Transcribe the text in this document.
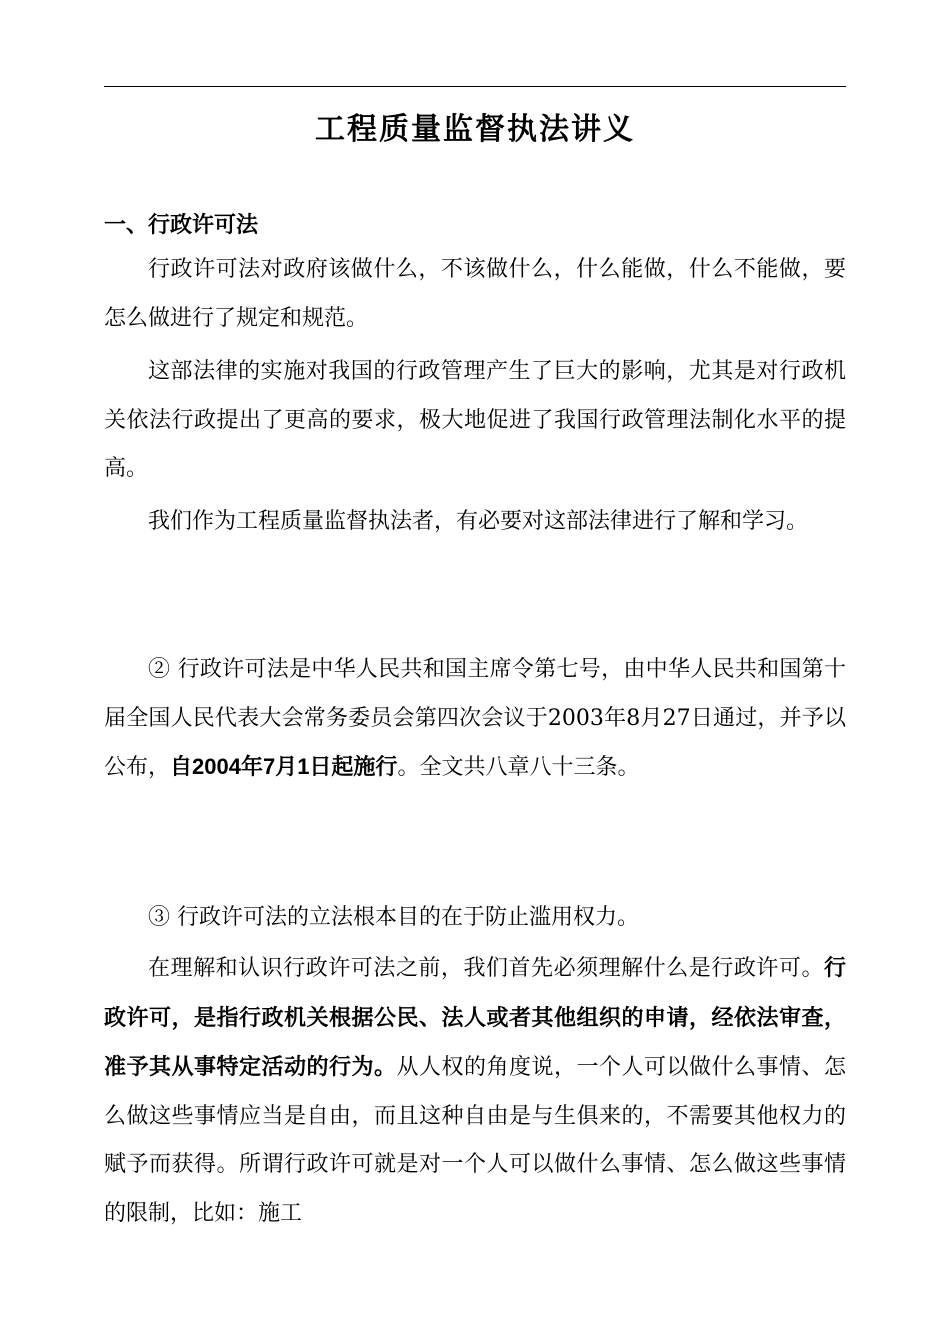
工程质量监督执法讲义
一、行政许可法

行政许可法对政府该做什么，不该做什么，什么能做，什么不能做，要怎么做进行了规定和规范。

这部法律的实施对我国的行政管理产生了巨大的影响，尤其是对行政机关依法行政提出了更高的要求，极大地促进了我国行政管理法制化水平的提高。

我们作为工程质量监督执法者，有必要对这部法律进行了解和学习。

② 行政许可法是中华人民共和国主席令第七号，由中华人民共和国第十届全国人民代表大会常务委员会第四次会议于2003年8月27日通过，并予以公布，自2004年7月1日起施行。全文共八章八十三条。

③ 行政许可法的立法根本目的在于防止滥用权力。

在理解和认识行政许可法之前，我们首先必须理解什么是行政许可。行政许可，是指行政机关根据公民、法人或者其他组织的申请，经依法审查，准予其从事特定活动的行为。从人权的角度说，一个人可以做什么事情、怎么做这些事情应当是自由，而且这种自由是与生俱来的，不需要其他权力的赋予而获得。所谓行政许可就是对一个人可以做什么事情、怎么做这些事情的限制，比如：施工
